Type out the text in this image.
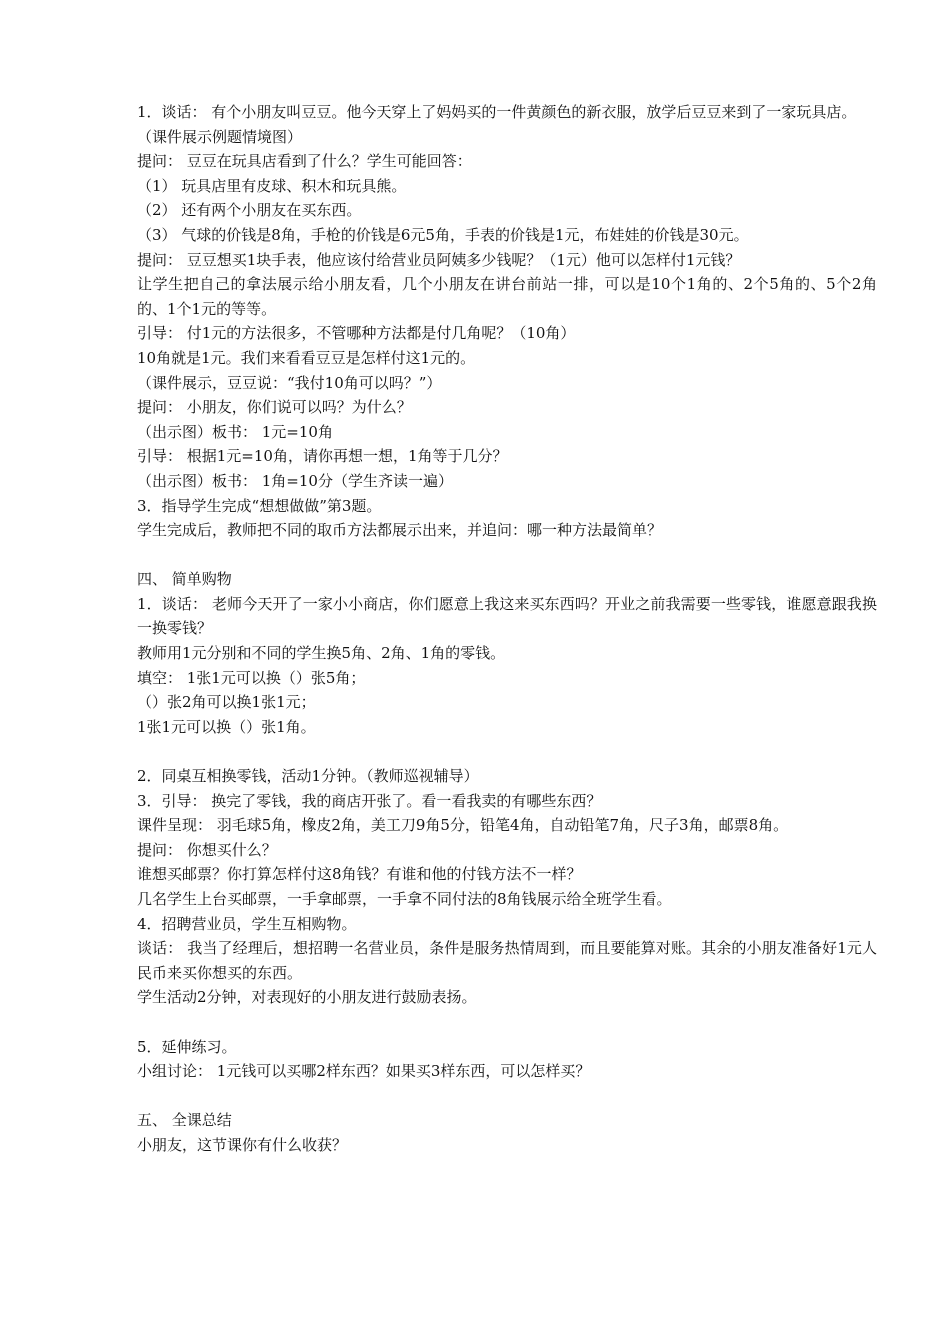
1．谈话： 有个小朋友叫豆豆。他今天穿上了妈妈买的一件黄颜色的新衣服，放学后豆豆来到了一家玩具店。
（课件展示例题情境图）
提问： 豆豆在玩具店看到了什么？学生可能回答：
（1） 玩具店里有皮球、积木和玩具熊。
（2） 还有两个小朋友在买东西。
（3） 气球的价钱是8角，手枪的价钱是6元5角，手表的价钱是1元，布娃娃的价钱是30元。
提问： 豆豆想买1块手表，他应该付给营业员阿姨多少钱呢？（1元）他可以怎样付1元钱？
让学生把自己的拿法展示给小朋友看，几个小朋友在讲台前站一排，可以是10个1角的、2个5角的、5个2角的、1个1元的等等。
引导： 付1元的方法很多，不管哪种方法都是付几角呢？（10角）
10角就是1元。我们来看看豆豆是怎样付这1元的。
（课件展示，豆豆说：“我付10角可以吗？”）
提问： 小朋友，你们说可以吗？为什么？
（出示图）板书： 1元=10角
引导： 根据1元=10角，请你再想一想，1角等于几分？
（出示图）板书： 1角=10分（学生齐读一遍）
3．指导学生完成“想想做做”第3题。
学生完成后，教师把不同的取币方法都展示出来，并追问：哪一种方法最简单？
四、 简单购物
1．谈话： 老师今天开了一家小小商店，你们愿意上我这来买东西吗？开业之前我需要一些零钱，谁愿意跟我换一换零钱？
教师用1元分别和不同的学生换5角、2角、1角的零钱。
填空： 1张1元可以换（）张5角；
（）张2角可以换1张1元；
1张1元可以换（）张1角。
2．同桌互相换零钱，活动1分钟。（教师巡视辅导）
3．引导： 换完了零钱，我的商店开张了。看一看我卖的有哪些东西？
课件呈现： 羽毛球5角，橡皮2角，美工刀9角5分，铅笔4角，自动铅笔7角，尺子3角，邮票8角。
提问： 你想买什么？
谁想买邮票？你打算怎样付这8角钱？有谁和他的付钱方法不一样？
几名学生上台买邮票，一手拿邮票，一手拿不同付法的8角钱展示给全班学生看。
4．招聘营业员，学生互相购物。
谈话： 我当了经理后，想招聘一名营业员，条件是服务热情周到，而且要能算对账。其余的小朋友准备好1元人民币来买你想买的东西。
学生活动2分钟，对表现好的小朋友进行鼓励表扬。
5．延伸练习。
小组讨论： 1元钱可以买哪2样东西？如果买3样东西，可以怎样买？
五、 全课总结
小朋友，这节课你有什么收获？
